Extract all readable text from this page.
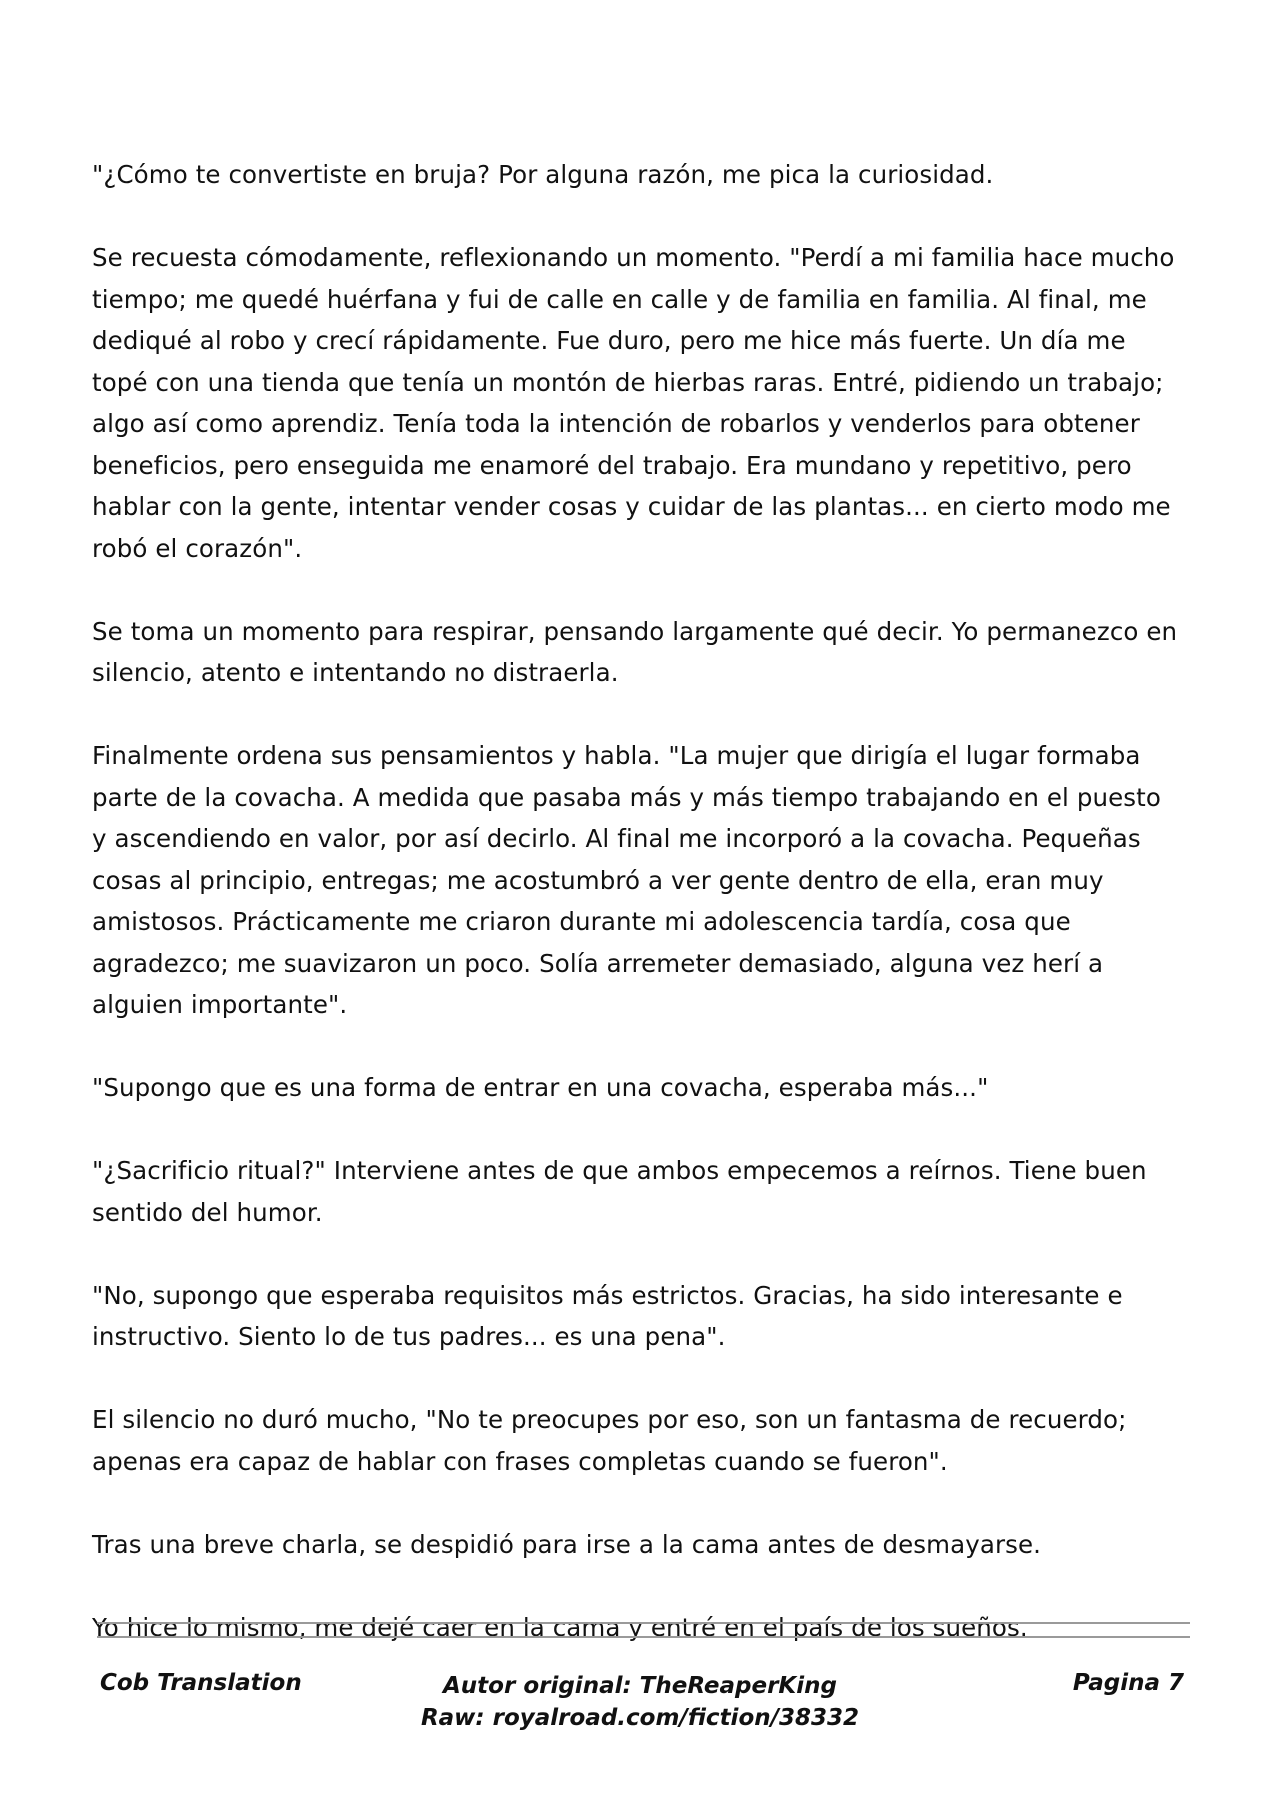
"¿Cómo te convertiste en bruja? Por alguna razón, me pica la curiosidad.

Se recuesta cómodamente, reflexionando un momento. "Perdí a mi familia hace mucho tiempo; me quedé huérfana y fui de calle en calle y de familia en familia. Al final, me dediqué al robo y crecí rápidamente. Fue duro, pero me hice más fuerte. Un día me topé con una tienda que tenía un montón de hierbas raras. Entré, pidiendo un trabajo; algo así como aprendiz. Tenía toda la intención de robarlos y venderlos para obtener beneficios, pero enseguida me enamoré del trabajo. Era mundano y repetitivo, pero hablar con la gente, intentar vender cosas y cuidar de las plantas... en cierto modo me robó el corazón".

Se toma un momento para respirar, pensando largamente qué decir. Yo permanezco en silencio, atento e intentando no distraerla.

Finalmente ordena sus pensamientos y habla. "La mujer que dirigía el lugar formaba parte de la covacha. A medida que pasaba más y más tiempo trabajando en el puesto y ascendiendo en valor, por así decirlo. Al final me incorporó a la covacha. Pequeñas cosas al principio, entregas; me acostumbró a ver gente dentro de ella, eran muy amistosos. Prácticamente me criaron durante mi adolescencia tardía, cosa que agradezco; me suavizaron un poco. Solía arremeter demasiado, alguna vez herí a alguien importante".

"Supongo que es una forma de entrar en una covacha, esperaba más..."

"¿Sacrificio ritual?" Interviene antes de que ambos empecemos a reírnos. Tiene buen sentido del humor.

"No, supongo que esperaba requisitos más estrictos. Gracias, ha sido interesante e instructivo. Siento lo de tus padres... es una pena".

El silencio no duró mucho, "No te preocupes por eso, son un fantasma de recuerdo; apenas era capaz de hablar con frases completas cuando se fueron".

Tras una breve charla, se despidió para irse a la cama antes de desmayarse.

Yo hice lo mismo, me dejé caer en la cama y entré en el país de los sueños.

Cob Translation	Autor original: TheReaperKing
Raw: royalroad.com/fiction/38332
Pagina 7
